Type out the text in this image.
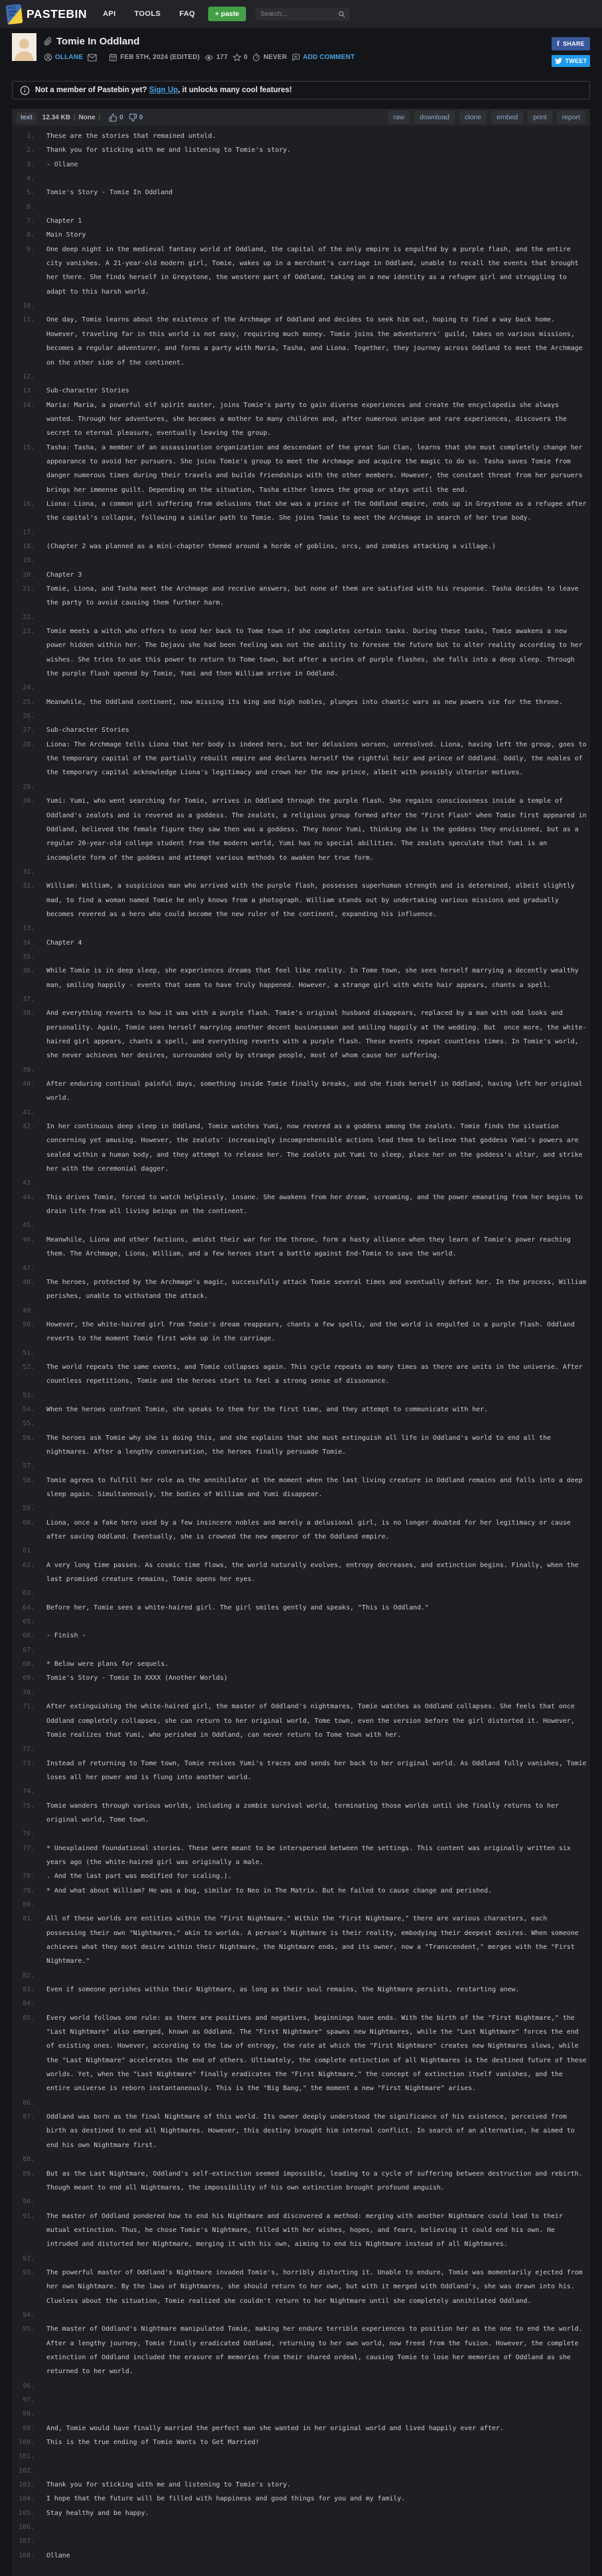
0011
1000
101	PASTEBIN API	TOOLS	FAQ	+ paste
Search...
Tomie In Oddland
OLLANE	FEB 5TH, 2024 (EDITED)	177 0 NEVER ADD COMMENT
f SHARE
TWEET
Not a member of Pastebin yet? Sign Up, it unlocks many cool features!
text	12.34 KB | None |	0 0	raw	download	clone	embed	print	report
1.	These are the stories that remained untold.
2.	Thank you for sticking with me and listening to Tomie's story.
3.	- Ollane
4.
5.	Tomie's Story - Tomie In Oddland
6.
7.	Chapter 1
8.	Main Story
9.	One deep night in the medieval fantasy world of Oddland, the capital of the only empire is engulfed by a purple flash, and the entire city vanishes. A 21-year-old modern girl, Tomie, wakes up in a merchant's carriage in Oddland, unable to recall the events that brought her there. She finds herself in Greystone, the western part of Oddland, taking on a new identity as a refugee girl and struggling to adapt to this harsh world.
10.
11.	One day, Tomie learns about the existence of the Archmage of Oddland and decides to seek him out, hoping to find a way back home. However, traveling far in this world is not easy, requiring much money. Tomie joins the adventurers' guild, takes on various missions, becomes a regular adventurer, and forms a party with Maria, Tasha, and Liona. Together, they journey across Oddland to meet the Archmage on the other side of the continent.
12.
13.	Sub-character Stories
14.	Maria: Maria, a powerful elf spirit master, joins Tomie's party to gain diverse experiences and create the encyclopedia she always wanted. Through her adventures, she becomes a mother to many children and, after numerous unique and rare experiences, discovers the secret to eternal pleasure, eventually leaving the group.
15.	Tasha: Tasha, a member of an assassination organization and descendant of the great Sun Clan, learns that she must completely change her appearance to avoid her pursuers. She joins Tomie's group to meet the Archmage and acquire the magic to do so. Tasha saves Tomie from danger numerous times during their travels and builds friendships with the other members. However, the constant threat from her pursuers brings her immense guilt. Depending on the situation, Tasha either leaves the group or stays until the end.
16.	Liona: Liona, a common girl suffering from delusions that she was a prince of the Oddland empire, ends up in Greystone as a refugee after the capital's collapse, following a similar path to Tomie. She joins Tomie to meet the Archmage in search of her true body.
17.
18.	(Chapter 2 was planned as a mini-chapter themed around a horde of goblins, orcs, and zombies attacking a village.)
19.
20.	Chapter 3
21.	Tomie, Liona, and Tasha meet the Archmage and receive answers, but none of them are satisfied with his response. Tasha decides to leave the party to avoid causing them further harm.
22.
23.	Tomie meets a witch who offers to send her back to Tome town if she completes certain tasks. During these tasks, Tomie awakens a new power hidden within her. The Dejavu she had been feeling was not the ability to foresee the future but to alter reality according to her wishes. She tries to use this power to return to Tome town, but after a series of purple flashes, she falls into a deep sleep. Through the purple flash opened by Tomie, Yumi and then William arrive in Oddland.
24.
25.	Meanwhile, the Oddland continent, now missing its king and high nobles, plunges into chaotic wars as new powers vie for the throne.
26.
27.	Sub-character Stories
28.	Liona: The Archmage tells Liona that her body is indeed hers, but her delusions worsen, unresolved. Liona, having left the group, goes to the temporary capital of the partially rebuilt empire and declares herself the rightful heir and prince of Oddland. Oddly, the nobles of the temporary capital acknowledge Liona's legitimacy and crown her the new prince, albeit with possibly ulterior motives.
29.
30.	Yumi: Yumi, who went searching for Tomie, arrives in Oddland through the purple flash. She regains consciousness inside a temple of Oddland's zealots and is revered as a goddess. The zealots, a religious group formed after the "First Flash" when Tomie first appeared in Oddland, believed the female figure they saw then was a goddess. They honor Yumi, thinking she is the goddess they envisioned, but as a regular 20-year-old college student from the modern world, Yumi has no special abilities. The zealots speculate that Yumi is an incomplete form of the goddess and attempt various methods to awaken her true form.
31.
32.	William: William, a suspicious man who arrived with the purple flash, possesses superhuman strength and is determined, albeit slightly mad, to find a woman named Tomie he only knows from a photograph. William stands out by undertaking various missions and gradually becomes revered as a hero who could become the new ruler of the continent, expanding his influence.
33.
34.	Chapter 4
35.
36.	While Tomie is in deep sleep, she experiences dreams that feel like reality. In Tome town, she sees herself marrying a decently wealthy man, smiling happily - events that seem to have truly happened. However, a strange girl with white hair appears, chants a spell.
37.
38.	And everything reverts to how it was with a purple flash. Tomie's original husband disappears, replaced by a man with odd looks and personality. Again, Tomie sees herself marrying another decent businessman and smiling happily at the wedding. But  once more, the white-haired girl appears, chants a spell, and everything reverts with a purple flash. These events repeat countless times. In Tomie's world, she never achieves her desires, surrounded only by strange people, most of whom cause her suffering.
39.
40.	After enduring continual painful days, something inside Tomie finally breaks, and she finds herself in Oddland, having left her original world.
41.
42.	In her continuous deep sleep in Oddland, Tomie watches Yumi, now revered as a goddess among the zealots. Tomie finds the situation concerning yet amusing. However, the zealots' increasingly incomprehensible actions lead them to believe that goddess Yumi's powers are sealed within a human body, and they attempt to release her. The zealots put Yumi to sleep, place her on the goddess's altar, and strike her with the ceremonial dagger.
43.
44.	This drives Tomie, forced to watch helplessly, insane. She awakens from her dream, screaming, and the power emanating from her begins to drain life from all living beings on the continent.
45.
46.	Meanwhile, Liona and other factions, amidst their war for the throne, form a hasty alliance when they learn of Tomie's power reaching them. The Archmage, Liona, William, and a few heroes start a battle against End-Tomie to save the world.
47.
48.	The heroes, protected by the Archmage's magic, successfully attack Tomie several times and eventually defeat her. In the process, William perishes, unable to withstand the attack.
49.
50.	However, the white-haired girl from Tomie's dream reappears, chants a few spells, and the world is engulfed in a purple flash. Oddland reverts to the moment Tomie first woke up in the carriage.
51.
52.	The world repeats the same events, and Tomie collapses again. This cycle repeats as many times as there are units in the universe. After countless repetitions, Tomie and the heroes start to feel a strong sense of dissonance.
53.
54.	When the heroes confront Tomie, she speaks to them for the first time, and they attempt to communicate with her.
55.
56.	The heroes ask Tomie why she is doing this, and she explains that she must extinguish all life in Oddland's world to end all the nightmares. After a lengthy conversation, the heroes finally persuade Tomie.
57.
58.	Tomie agrees to fulfill her role as the annihilator at the moment when the last living creature in Oddland remains and falls into a deep sleep again. Simultaneously, the bodies of William and Yumi disappear.
59.
60.	Liona, once a fake hero used by a few insincere nobles and merely a delusional girl, is no longer doubted for her legitimacy or cause after saving Oddland. Eventually, she is crowned the new emperor of the Oddland empire.
61.
62.	A very long time passes. As cosmic time flows, the world naturally evolves, entropy decreases, and extinction begins. Finally, when the last promised creature remains, Tomie opens her eyes.
63.
64.	Before her, Tomie sees a white-haired girl. The girl smiles gently and speaks, "This is Oddland."
65.
66.	- Finish -
67.
68.	* Below were plans for sequels.
69.	Tomie's Story - Tomie In XXXX (Another Worlds)
70.
71.	After extinguishing the white-haired girl, the master of Oddland's nightmares, Tomie watches as Oddland collapses. She feels that once Oddland completely collapses, she can return to her original world, Tome town, even the version before the girl distorted it. However, Tomie realizes that Yumi, who perished in Oddland, can never return to Tome town with her.
72.
73.	Instead of returning to Tome town, Tomie revives Yumi's traces and sends her back to her original world. As Oddland fully vanishes, Tomie loses all her power and is flung into another world.
74.
75.	Tomie wanders through various worlds, including a zombie survival world, terminating those worlds until she finally returns to her original world, Tome town.
76.
77.	* Unexplained foundational stories. These were meant to be interspersed between the settings. This content was originally written six years ago (the white-haired girl was originally a male.
78.	. And the last part was modified for scaling.).
79.	* And what about William? He was a bug, similar to Neo in The Matrix. But he failed to cause change and perished.
80.
81.	All of these worlds are entities within the "First Nightmare." Within the "First Nightmare," there are various characters, each possessing their own "Nightmares," akin to worlds. A person's Nightmare is their reality, embodying their deepest desires. When someone achieves what they most desire within their Nightmare, the Nightmare ends, and its owner, now a "Transcendent," merges with the "First Nightmare."
82.
83.	Even if someone perishes within their Nightmare, as long as their soul remains, the Nightmare persists, restarting anew.
84.
85.	Every world follows one rule: as there are positives and negatives, beginnings have ends. With the birth of the "First Nightmare," the "Last Nightmare" also emerged, known as Oddland. The "First Nightmare" spawns new Nightmares, while the "Last Nightmare" forces the end of existing ones. However, according to the law of entropy, the rate at which the "First Nightmare" creates new Nightmares slows, while the "Last Nightmare" accelerates the end of others. Ultimately, the complete extinction of all Nightmares is the destined future of these worlds. Yet, when the "Last Nightmare" finally eradicates the "First Nightmare," the concept of extinction itself vanishes, and the entire universe is reborn instantaneously. This is the "Big Bang," the moment a new "First Nightmare" arises.
86.
87.	Oddland was born as the final Nightmare of this world. Its owner deeply understood the significance of his existence, perceived from birth as destined to end all Nightmares. However, this destiny brought him internal conflict. In search of an alternative, he aimed to end his own Nightmare first.
88.
89.	But as the Last Nightmare, Oddland's self-extinction seemed impossible, leading to a cycle of suffering between destruction and rebirth. Though meant to end all Nightmares, the impossibility of his own extinction brought profound anguish.
90.
91.	The master of Oddland pondered how to end his Nightmare and discovered a method: merging with another Nightmare could lead to their mutual extinction. Thus, he chose Tomie's Nightmare, filled with her wishes, hopes, and fears, believing it could end his own. He intruded and distorted her Nightmare, merging it with his own, aiming to end his Nightmare instead of all Nightmares.
92.
93.	The powerful master of Oddland's Nightmare invaded Tomie's, horribly distorting it. Unable to endure, Tomie was momentarily ejected from her own Nightmare. By the laws of Nightmares, she should return to her own, but with it merged with Oddland's, she was drawn into his. Clueless about the situation, Tomie realized she couldn't return to her Nightmare until she completely annihilated Oddland.
94.
95.	The master of Oddland's Nightmare manipulated Tomie, making her endure terrible experiences to position her as the one to end the world. After a lengthy journey, Tomie finally eradicated Oddland, returning to her own world, now freed from the fusion. However, the complete extinction of Oddland included the erasure of memories from their shared ordeal, causing Tomie to lose her memories of Oddland as she returned to her world.
96.
97.
98.
99.	And, Tomie would have finally married the perfect man she wanted in her original world and lived happily ever after.
100.	This is the true ending of Tomie Wants to Get Married!
101.
102.
103.	Thank you for sticking with me and listening to Tomie's story.
104.	I hope that the future will be filled with happiness and good things for you and my family.
105.	Stay healthy and be happy.
106.
107.
108.	Ollane
